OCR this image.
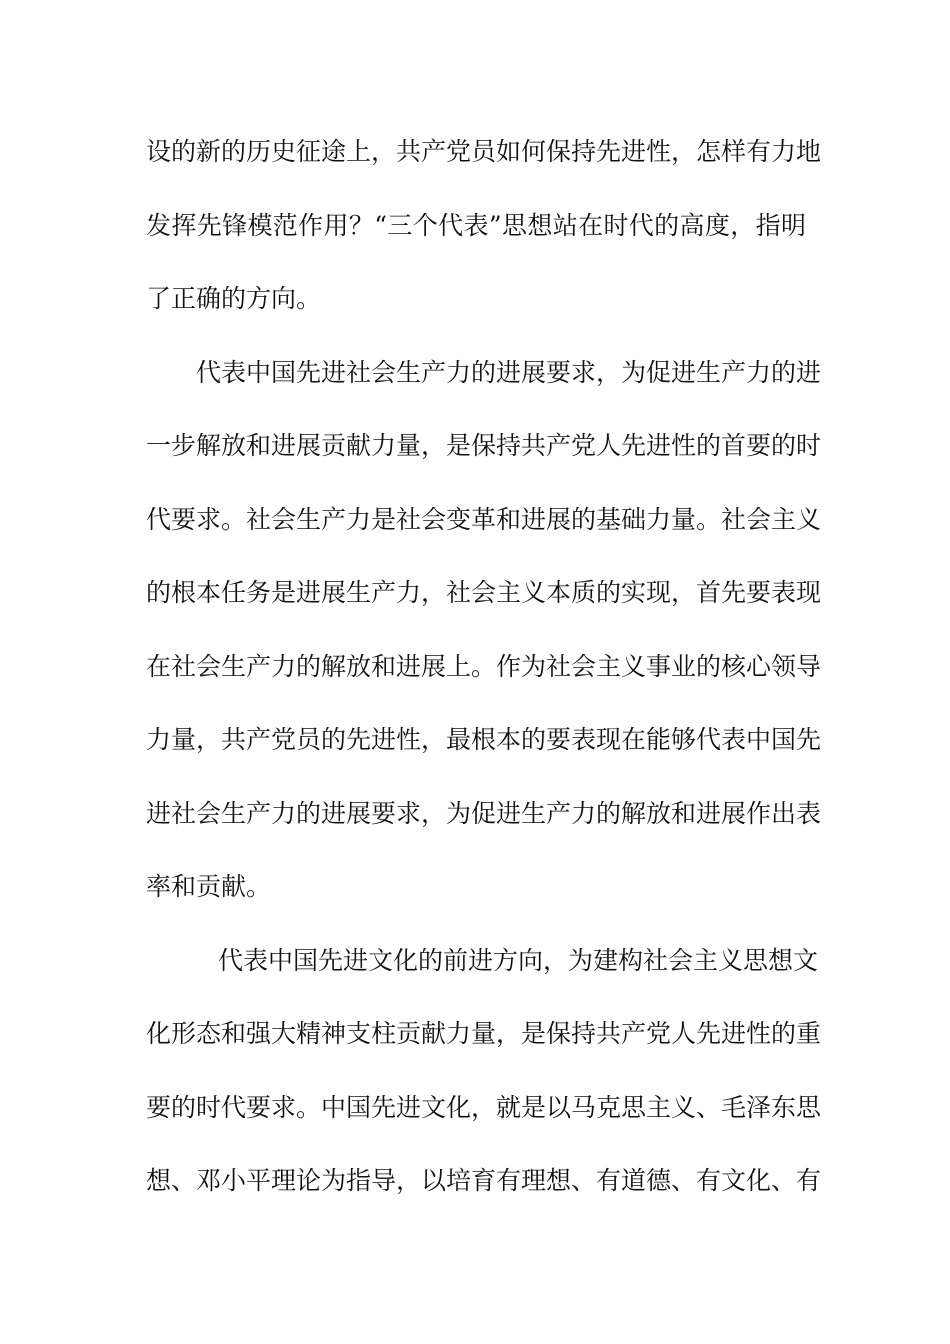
设的新的历史征途上，共产党员如何保持先进性，怎样有力地
发挥先锋模范作用？“三个代表”思想站在时代的高度，指明
了正确的方向。
代表中国先进社会生产力的进展要求，为促进生产力的进
一步解放和进展贡献力量，是保持共产党人先进性的首要的时
代要求。社会生产力是社会变革和进展的基础力量。社会主义
的根本任务是进展生产力，社会主义本质的实现，首先要表现
在社会生产力的解放和进展上。作为社会主义事业的核心领导
力量，共产党员的先进性，最根本的要表现在能够代表中国先
进社会生产力的进展要求，为促进生产力的解放和进展作出表
率和贡献。
代表中国先进文化的前进方向，为建构社会主义思想文
化形态和强大精神支柱贡献力量，是保持共产党人先进性的重
要的时代要求。中国先进文化，就是以马克思主义、毛泽东思
想、邓小平理论为指导，以培育有理想、有道德、有文化、有
